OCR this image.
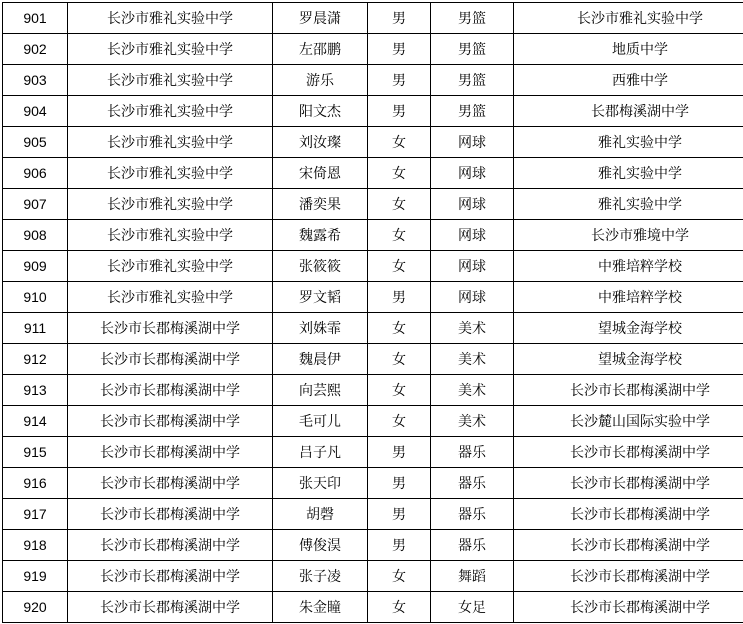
901	长沙市雅礼实验中学	罗晨潇	男	男篮	长沙市雅礼实验中学
902	长沙市雅礼实验中学	左邵鹏	男	男篮	地质中学
903	长沙市雅礼实验中学	游乐	男	男篮	西雅中学
904	长沙市雅礼实验中学	阳文杰	男	男篮	长郡梅溪湖中学
905	长沙市雅礼实验中学	刘汝璨	女	网球	雅礼实验中学
906	长沙市雅礼实验中学	宋倚恩	女	网球	雅礼实验中学
907	长沙市雅礼实验中学	潘奕果	女	网球	雅礼实验中学
908	长沙市雅礼实验中学	魏露希	女	网球	长沙市雅境中学
909	长沙市雅礼实验中学	张筱筱	女	网球	中雅培粹学校
910	长沙市雅礼实验中学	罗文韬	男	网球	中雅培粹学校
911	长沙市长郡梅溪湖中学	刘姝霏	女	美术	望城金海学校
912	长沙市长郡梅溪湖中学	魏晨伊	女	美术	望城金海学校
913	长沙市长郡梅溪湖中学	向芸熙	女	美术	长沙市长郡梅溪湖中学
914	长沙市长郡梅溪湖中学	毛可儿	女	美术	长沙麓山国际实验中学
915	长沙市长郡梅溪湖中学	吕子凡	男	器乐	长沙市长郡梅溪湖中学
916	长沙市长郡梅溪湖中学	张天印	男	器乐	长沙市长郡梅溪湖中学
917	长沙市长郡梅溪湖中学	胡磬	男	器乐	长沙市长郡梅溪湖中学
918	长沙市长郡梅溪湖中学	傅俊淏	男	器乐	长沙市长郡梅溪湖中学
919	长沙市长郡梅溪湖中学	张子凌	女	舞蹈	长沙市长郡梅溪湖中学
920	长沙市长郡梅溪湖中学	朱金瞳	女	女足	长沙市长郡梅溪湖中学
